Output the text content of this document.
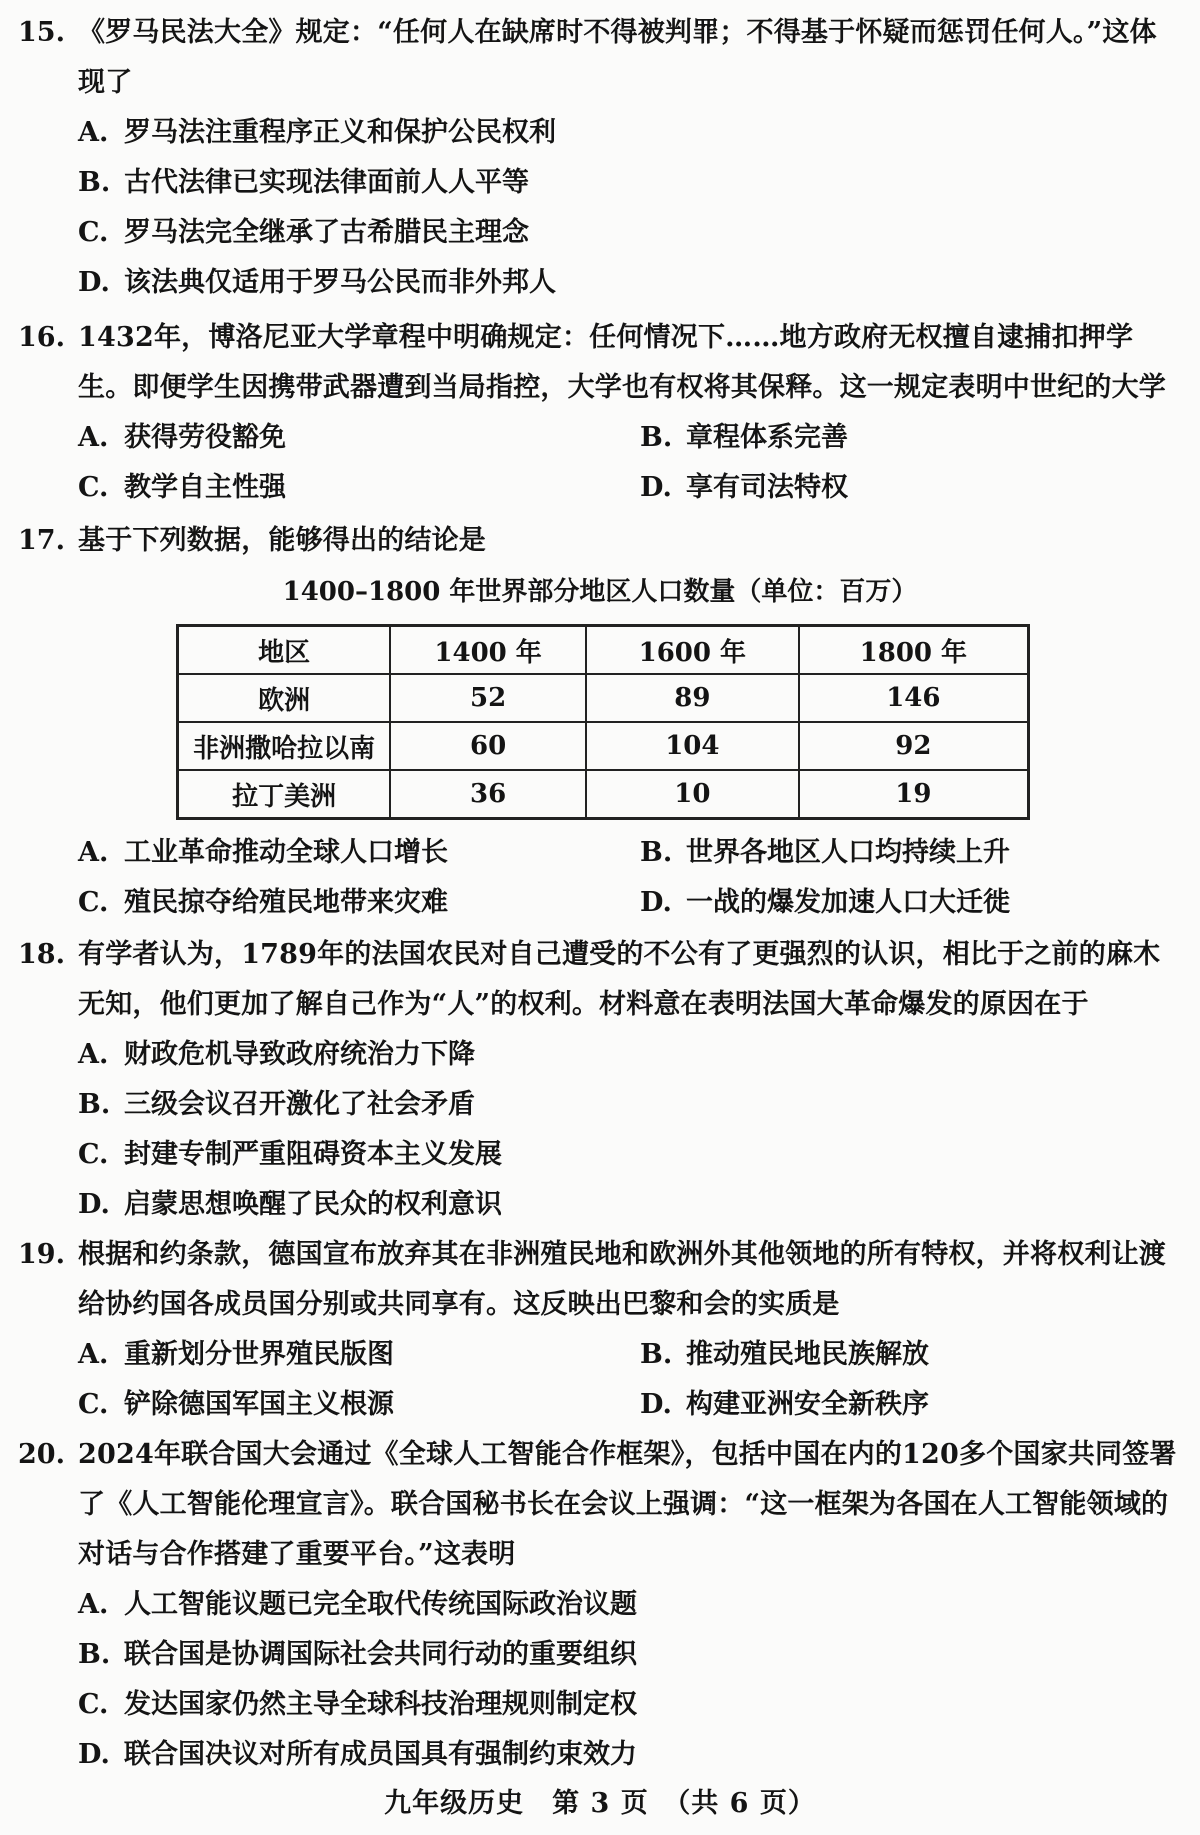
15. 《罗马民法大全》规定：“任何人在缺席时不得被判罪；不得基于怀疑而惩罚任何人。”这体现了
A. 罗马法注重程序正义和保护公民权利
B. 古代法律已实现法律面前人人平等
C. 罗马法完全继承了古希腊民主理念
D. 该法典仅适用于罗马公民而非外邦人
16. 1432年，博洛尼亚大学章程中明确规定：任何情况下……地方政府无权擅自逮捕扣押学生。即便学生因携带武器遭到当局指控，大学也有权将其保释。这一规定表明中世纪的大学
A. 获得劳役豁免	B. 章程体系完善
C. 教学自主性强	D. 享有司法特权
17. 基于下列数据，能够得出的结论是
1400–1800 年世界部分地区人口数量（单位：百万）
地区	1400 年	1600 年	1800 年
欧洲	52	89	146
非洲撒哈拉以南	60	104	92
拉丁美洲	36	10	19
A. 工业革命推动全球人口增长	B. 世界各地区人口均持续上升
C. 殖民掠夺给殖民地带来灾难	D. 一战的爆发加速人口大迁徙
18. 有学者认为，1789年的法国农民对自己遭受的不公有了更强烈的认识，相比于之前的麻木无知，他们更加了解自己作为“人”的权利。材料意在表明法国大革命爆发的原因在于
A. 财政危机导致政府统治力下降
B. 三级会议召开激化了社会矛盾
C. 封建专制严重阻碍资本主义发展
D. 启蒙思想唤醒了民众的权利意识
19. 根据和约条款，德国宣布放弃其在非洲殖民地和欧洲外其他领地的所有特权，并将权利让渡给协约国各成员国分别或共同享有。这反映出巴黎和会的实质是
A. 重新划分世界殖民版图	B. 推动殖民地民族解放
C. 铲除德国军国主义根源	D. 构建亚洲安全新秩序
20. 2024年联合国大会通过《全球人工智能合作框架》，包括中国在内的120多个国家共同签署了《人工智能伦理宣言》。联合国秘书长在会议上强调：“这一框架为各国在人工智能领域的对话与合作搭建了重要平台。”这表明
A. 人工智能议题已完全取代传统国际政治议题
B. 联合国是协调国际社会共同行动的重要组织
C. 发达国家仍然主导全球科技治理规则制定权
D. 联合国决议对所有成员国具有强制约束效力
九年级历史　第 3 页　（共 6 页）
